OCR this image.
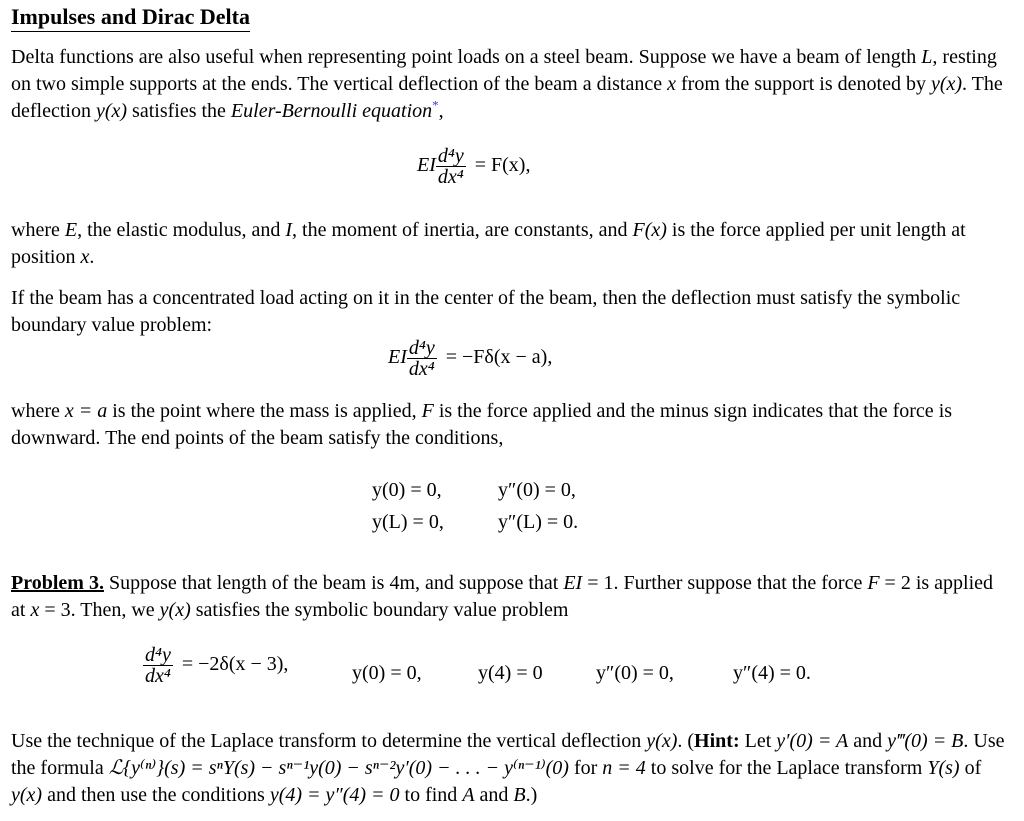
Impulses and Dirac Delta
Delta functions are also useful when representing point loads on a steel beam. Suppose we have a beam of length L, resting on two simple supports at the ends. The vertical deflection of the beam a distance x from the support is denoted by y(x). The deflection y(x) satisfies the Euler-Bernoulli equation*,
EI $\frac{\text{d⁴y}}{\text{dx⁴}} = F(x)$,
where E, the elastic modulus, and I, the moment of inertia, are constants, and F(x) is the force applied per unit length at position x.
If the beam has a concentrated load acting on it in the center of the beam, then the deflection must satisfy the symbolic boundary value problem:
EI $\frac{\text{d⁴y}}{\text{dx⁴}} = -F\delta(x - a)$,
where x = a is the point where the mass is applied, F is the force applied and the minus sign indicates that the force is downward. The end points of the beam satisfy the conditions,
y(0) = 0,	y″(0) = 0,
y(L) = 0,	y″(L) = 0.
Problem 3. Suppose that length of the beam is 4m, and suppose that EI = 1. Further suppose that the force F = 2 is applied at x = 3. Then, we y(x) satisfies the symbolic boundary value problem
$\frac{\text{d⁴y}}{\text{dx⁴}} = -2\delta(x - 3)$,	y(0) = 0,	y(4) = 0	y″(0) = 0,	y″(4) = 0.
Use the technique of the Laplace transform to determine the vertical deflection y(x). (Hint: Let y′(0) = A and y‴(0) = B. Use the formula ℒ{y⁽ⁿ⁾}(s) = sⁿY(s) − sⁿ⁻¹y(0) − sⁿ⁻²y′(0) − . . . − y⁽ⁿ⁻¹⁾(0) for n = 4 to solve for the Laplace transform Y(s) of y(x) and then use the conditions y(4) = y″(4) = 0 to find A and B.)
